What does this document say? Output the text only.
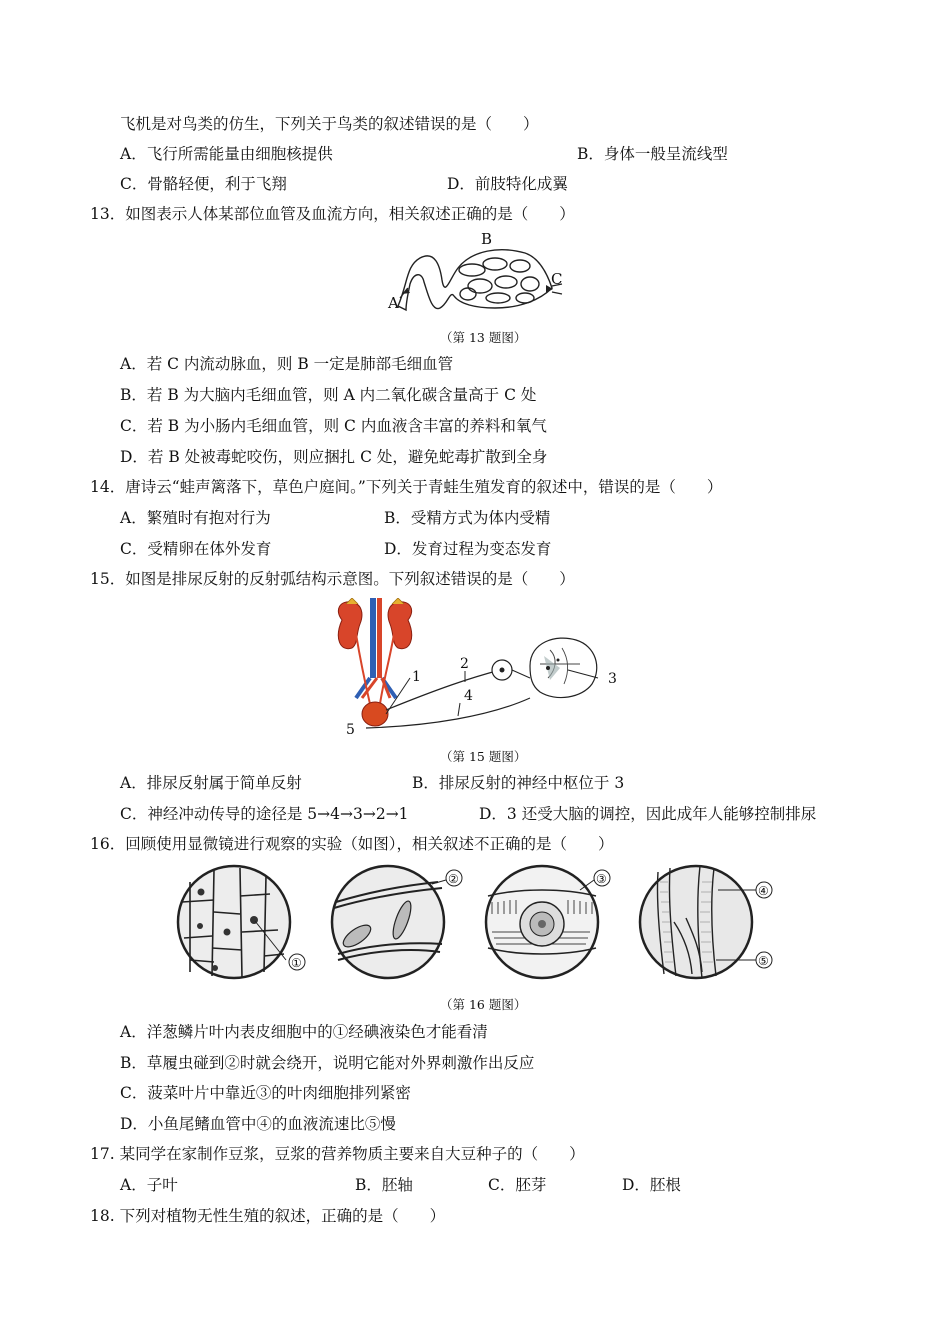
飞机是对鸟类的仿生，下列关于鸟类的叙述错误的是（　　）
A．飞行所需能量由细胞核提供	B．身体一般呈流线型
C．骨骼轻便，利于飞翔	D．前肢特化成翼
13．如图表示人体某部位血管及血流方向，相关叙述正确的是（　　）
B
A
C
（第 13 题图）
A．若 C 内流动脉血，则 B 一定是肺部毛细血管
B．若 B 为大脑内毛细血管，则 A 内二氧化碳含量高于 C 处
C．若 B 为小肠内毛细血管，则 C 内血液含丰富的养料和氧气
D．若 B 处被毒蛇咬伤，则应捆扎 C 处，避免蛇毒扩散到全身
14．唐诗云“蛙声篱落下，草色户庭间。”下列关于青蛙生殖发育的叙述中，错误的是（　　）
A．繁殖时有抱对行为	B．受精方式为体内受精
C．受精卵在体外发育	D．发育过程为变态发育
15．如图是排尿反射的反射弧结构示意图。下列叙述错误的是（　　）
1
2
3
4
5
（第 15 题图）
A．排尿反射属于简单反射	B．排尿反射的神经中枢位于 3
C．神经冲动传导的途径是 5→4→3→2→1	D．3 还受大脑的调控，因此成年人能够控制排尿
16．回顾使用显微镜进行观察的实验（如图），相关叙述不正确的是（　　）
①
②	③
④
⑤
（第 16 题图）
A．洋葱鳞片叶内表皮细胞中的①经碘液染色才能看清
B．草履虫碰到②时就会绕开，说明它能对外界刺激作出反应
C．菠菜叶片中靠近③的叶肉细胞排列紧密
D．小鱼尾鳍血管中④的血液流速比⑤慢
17. 某同学在家制作豆浆，豆浆的营养物质主要来自大豆种子的（　　）
A．子叶	B．胚轴	C．胚芽	D．胚根
18. 下列对植物无性生殖的叙述，正确的是（　　）
